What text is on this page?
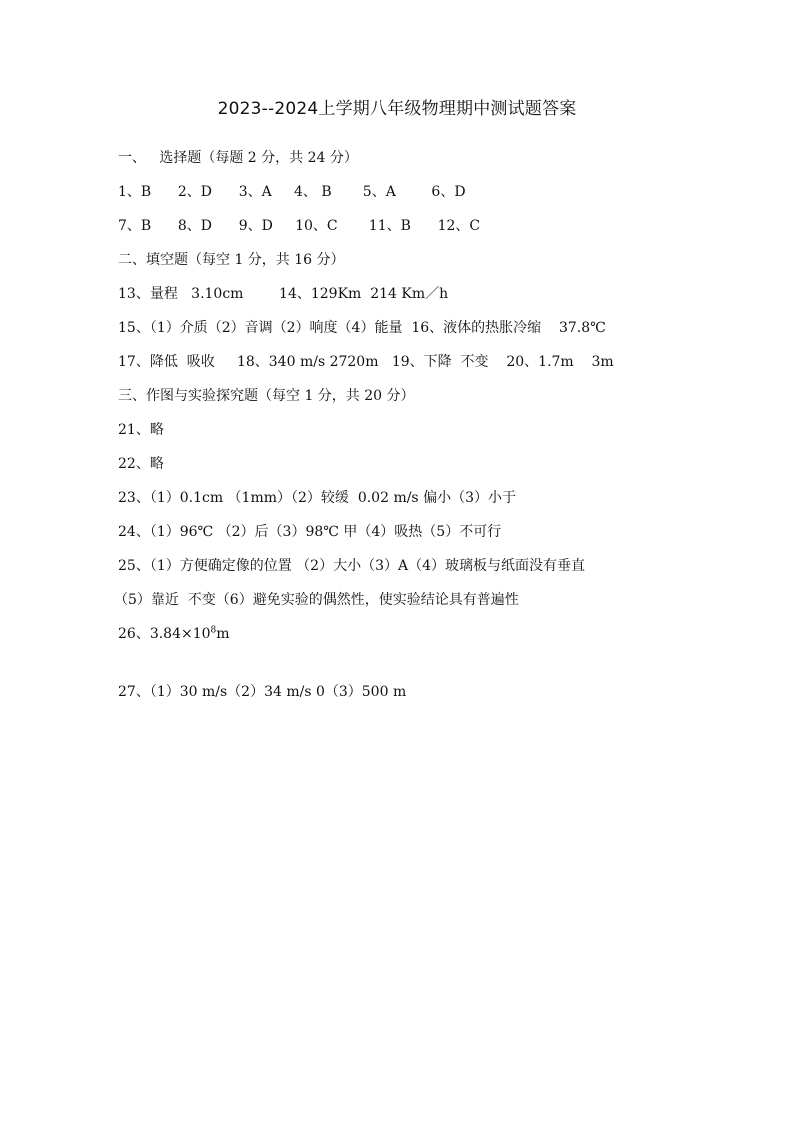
2023--2024上学期八年级物理期中测试题答案
一、   选择题（每题 2 分，共 24 分）
1、B      2、D      3、A     4、 B       5、A        6、D
7、B      8、D      9、D     10、C       11、B      12、C
二、填空题（每空 1 分，共 16 分）
13、量程   3.10cm        14、129Km  214 Km／h
15、（1）介质（2）音调（2）响度（4）能量  16、液体的热胀冷缩    37.8℃
17、降低  吸收     18、340 m/s 2720m   19、下降  不变    20、1.7m    3m
三、作图与实验探究题（每空 1 分，共 20 分）
21、略
22、略
23、（1）0.1cm （1mm）（2）较缓  0.02 m/s 偏小（3）小于
24、（1）96℃ （2）后（3）98℃ 甲（4）吸热（5）不可行
25、（1）方便确定像的位置 （2）大小（3）A（4）玻璃板与纸面没有垂直
（5）靠近  不变（6）避免实验的偶然性，使实验结论具有普遍性
26、$3.84\times 10^8m$
27、（1）30 m/s（2）34 m/s 0（3）500 m
